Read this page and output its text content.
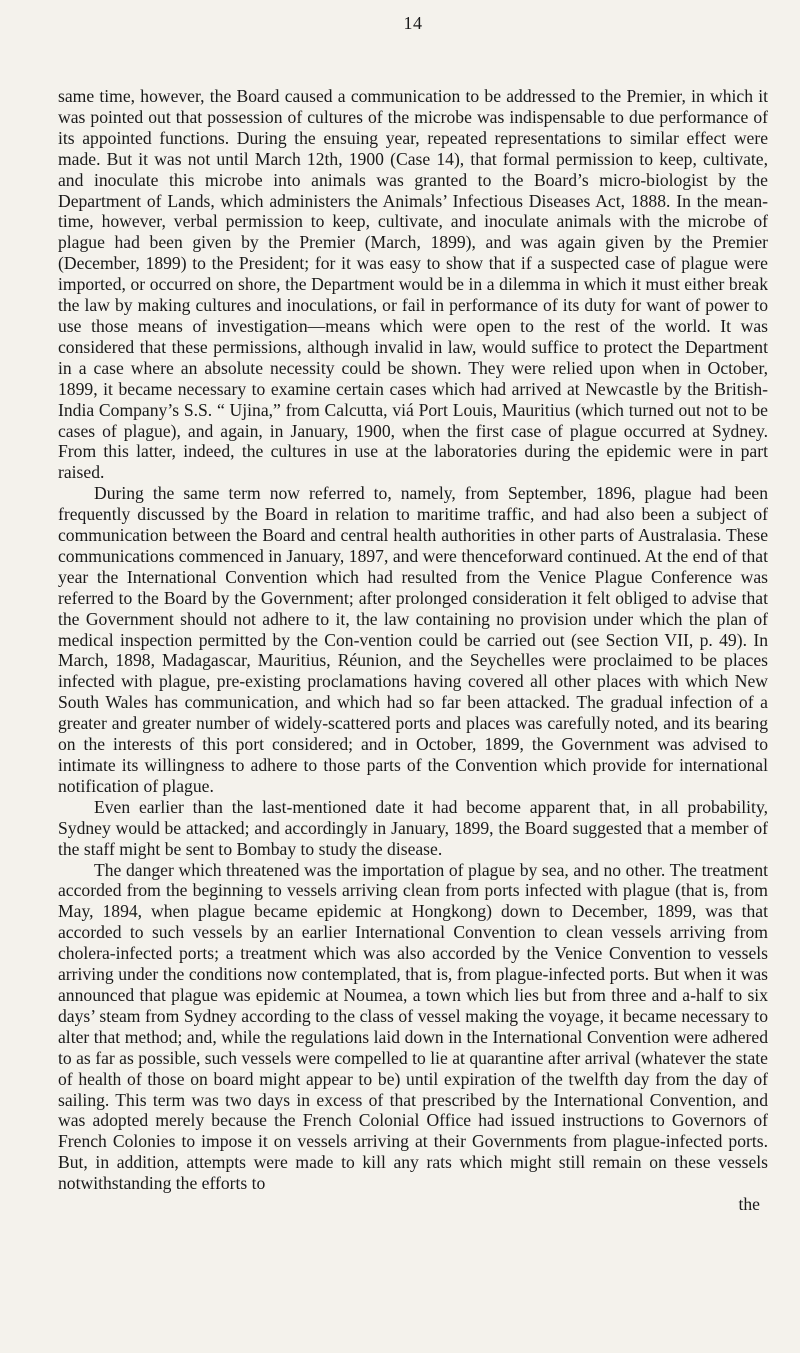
14

same time, however, the Board caused a communication to be addressed to the Premier, in which it was pointed out that possession of cultures of the microbe was indispensable to due performance of its appointed functions. During the ensuing year, repeated representations to similar effect were made. But it was not until March 12th, 1900 (Case 14), that formal permission to keep, cultivate, and inoculate this microbe into animals was granted to the Board’s micro-biologist by the Department of Lands, which administers the Animals’ Infectious Diseases Act, 1888. In the mean-time, however, verbal permission to keep, cultivate, and inoculate animals with the microbe of plague had been given by the Premier (March, 1899), and was again given by the Premier (December, 1899) to the President; for it was easy to show that if a suspected case of plague were imported, or occurred on shore, the Department would be in a dilemma in which it must either break the law by making cultures and inoculations, or fail in performance of its duty for want of power to use those means of investigation—means which were open to the rest of the world. It was considered that these permissions, although invalid in law, would suffice to protect the Department in a case where an absolute necessity could be shown. They were relied upon when in October, 1899, it became necessary to examine certain cases which had arrived at Newcastle by the British-India Company’s S.S. “ Ujina,” from Calcutta, viá Port Louis, Mauritius (which turned out not to be cases of plague), and again, in January, 1900, when the first case of plague occurred at Sydney. From this latter, indeed, the cultures in use at the laboratories during the epidemic were in part raised.

During the same term now referred to, namely, from September, 1896, plague had been frequently discussed by the Board in relation to maritime traffic, and had also been a subject of communication between the Board and central health authorities in other parts of Australasia. These communications commenced in January, 1897, and were thenceforward continued. At the end of that year the International Convention which had resulted from the Venice Plague Conference was referred to the Board by the Government; after prolonged consideration it felt obliged to advise that the Government should not adhere to it, the law containing no provision under which the plan of medical inspection permitted by the Con-vention could be carried out (see Section VII, p. 49). In March, 1898, Madagascar, Mauritius, Réunion, and the Seychelles were proclaimed to be places infected with plague, pre-existing proclamations having covered all other places with which New South Wales has communication, and which had so far been attacked. The gradual infection of a greater and greater number of widely-scattered ports and places was carefully noted, and its bearing on the interests of this port considered; and in October, 1899, the Government was advised to intimate its willingness to adhere to those parts of the Convention which provide for international notification of plague.

Even earlier than the last-mentioned date it had become apparent that, in all probability, Sydney would be attacked; and accordingly in January, 1899, the Board suggested that a member of the staff might be sent to Bombay to study the disease.

The danger which threatened was the importation of plague by sea, and no other. The treatment accorded from the beginning to vessels arriving clean from ports infected with plague (that is, from May, 1894, when plague became epidemic at Hongkong) down to December, 1899, was that accorded to such vessels by an earlier International Convention to clean vessels arriving from cholera-infected ports; a treatment which was also accorded by the Venice Convention to vessels arriving under the conditions now contemplated, that is, from plague-infected ports. But when it was announced that plague was epidemic at Noumea, a town which lies but from three and a-half to six days’ steam from Sydney according to the class of vessel making the voyage, it became necessary to alter that method; and, while the regulations laid down in the International Convention were adhered to as far as possible, such vessels were compelled to lie at quarantine after arrival (whatever the state of health of those on board might appear to be) until expiration of the twelfth day from the day of sailing. This term was two days in excess of that prescribed by the International Convention, and was adopted merely because the French Colonial Office had issued instructions to Governors of French Colonies to impose it on vessels arriving at their Governments from plague-infected ports. But, in addition, attempts were made to kill any rats which might still remain on these vessels notwithstanding the efforts to

the
